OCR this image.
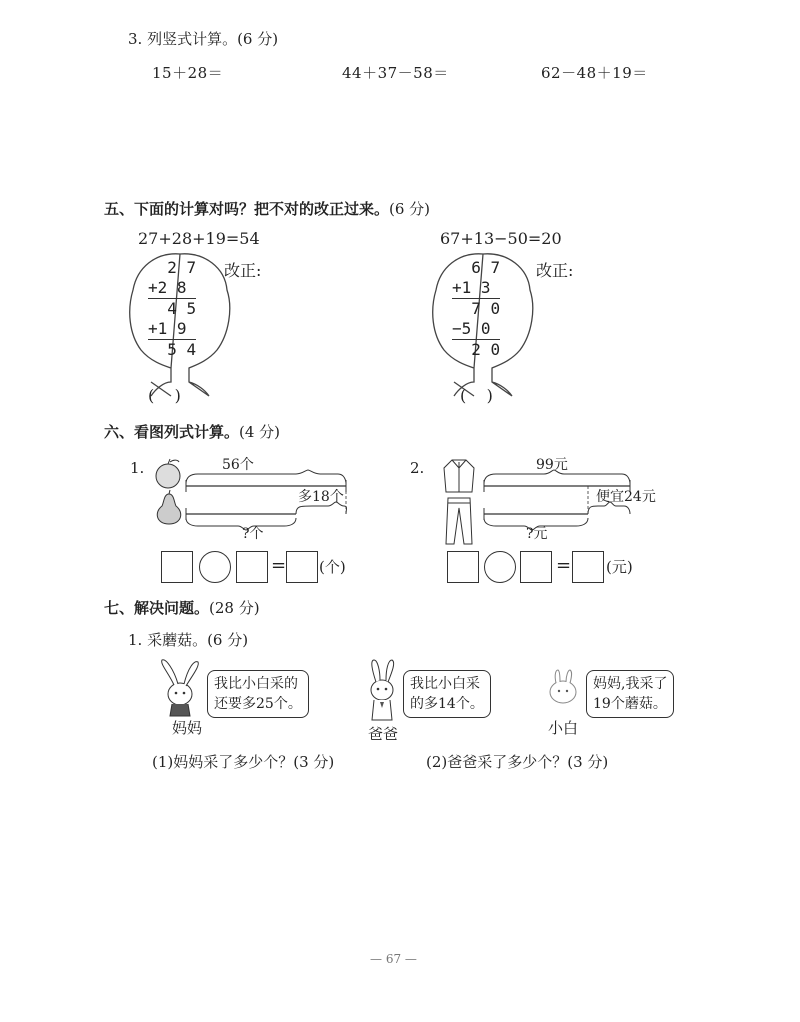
3. 列竖式计算。(6 分)
15＋28＝	44＋37－58＝	62－48＋19＝
五、下面的计算对吗？把不对的改正过来。(6 分)
27+28+19=54
2 7
+2 8
4 5
+1 9
5 4
改正:
(    )
67+13−50=20
6 7
+1 3
7 0
−5 0
2 0
改正:
(    )
六、看图列式计算。(4 分)
1.	56个
多18个
?个
= (个)
2.	99元
便宜24元
?元
= (元)
七、解决问题。(28 分)
1. 采蘑菇。(6 分)
妈妈
我比小白采的
还要多25个。
爸爸
我比小白采
的多14个。
小白
妈妈,我采了
19个蘑菇。
(1)妈妈采了多少个？(3 分)	(2)爸爸采了多少个？(3 分)
— 67 —
